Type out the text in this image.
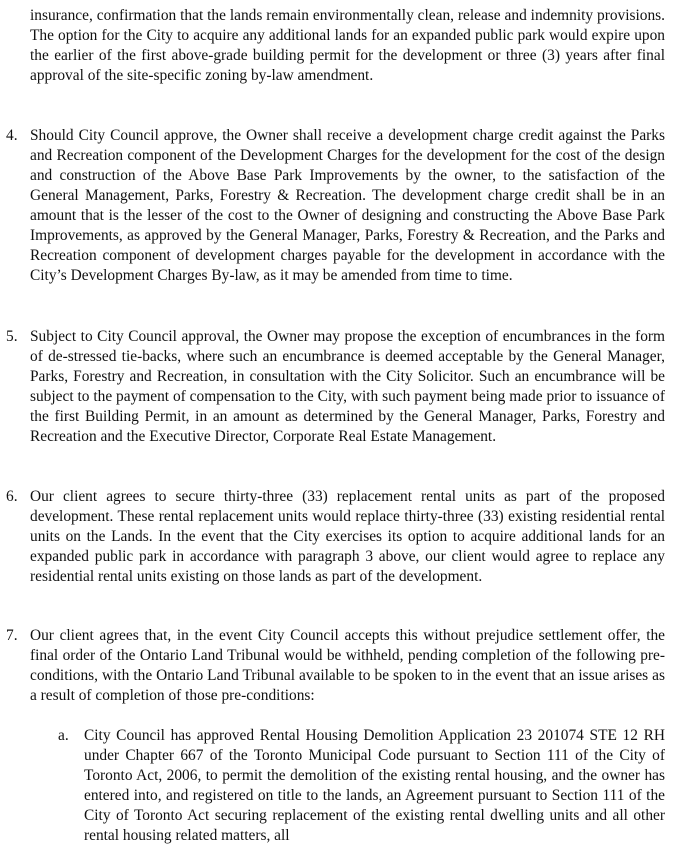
insurance, confirmation that the lands remain environmentally clean, release and indemnity provisions. The option for the City to acquire any additional lands for an expanded public park would expire upon the earlier of the first above-grade building permit for the development or three (3) years after final approval of the site-specific zoning by-law amendment.

4. Should City Council approve, the Owner shall receive a development charge credit against the Parks and Recreation component of the Development Charges for the development for the cost of the design and construction of the Above Base Park Improvements by the owner, to the satisfaction of the General Management, Parks, Forestry & Recreation. The development charge credit shall be in an amount that is the lesser of the cost to the Owner of designing and constructing the Above Base Park Improvements, as approved by the General Manager, Parks, Forestry & Recreation, and the Parks and Recreation component of development charges payable for the development in accordance with the City’s Development Charges By-law, as it may be amended from time to time.

5. Subject to City Council approval, the Owner may propose the exception of encumbrances in the form of de-stressed tie-backs, where such an encumbrance is deemed acceptable by the General Manager, Parks, Forestry and Recreation, in consultation with the City Solicitor. Such an encumbrance will be subject to the payment of compensation to the City, with such payment being made prior to issuance of the first Building Permit, in an amount as determined by the General Manager, Parks, Forestry and Recreation and the Executive Director, Corporate Real Estate Management.

6. Our client agrees to secure thirty-three (33) replacement rental units as part of the proposed development. These rental replacement units would replace thirty-three (33) existing residential rental units on the Lands. In the event that the City exercises its option to acquire additional lands for an expanded public park in accordance with paragraph 3 above, our client would agree to replace any residential rental units existing on those lands as part of the development.

7. Our client agrees that, in the event City Council accepts this without prejudice settlement offer, the final order of the Ontario Land Tribunal would be withheld, pending completion of the following pre-conditions, with the Ontario Land Tribunal available to be spoken to in the event that an issue arises as a result of completion of those pre-conditions:

a. City Council has approved Rental Housing Demolition Application 23 201074 STE 12 RH under Chapter 667 of the Toronto Municipal Code pursuant to Section 111 of the City of Toronto Act, 2006, to permit the demolition of the existing rental housing, and the owner has entered into, and registered on title to the lands, an Agreement pursuant to Section 111 of the City of Toronto Act securing replacement of the existing rental dwelling units and all other rental housing related matters, all
